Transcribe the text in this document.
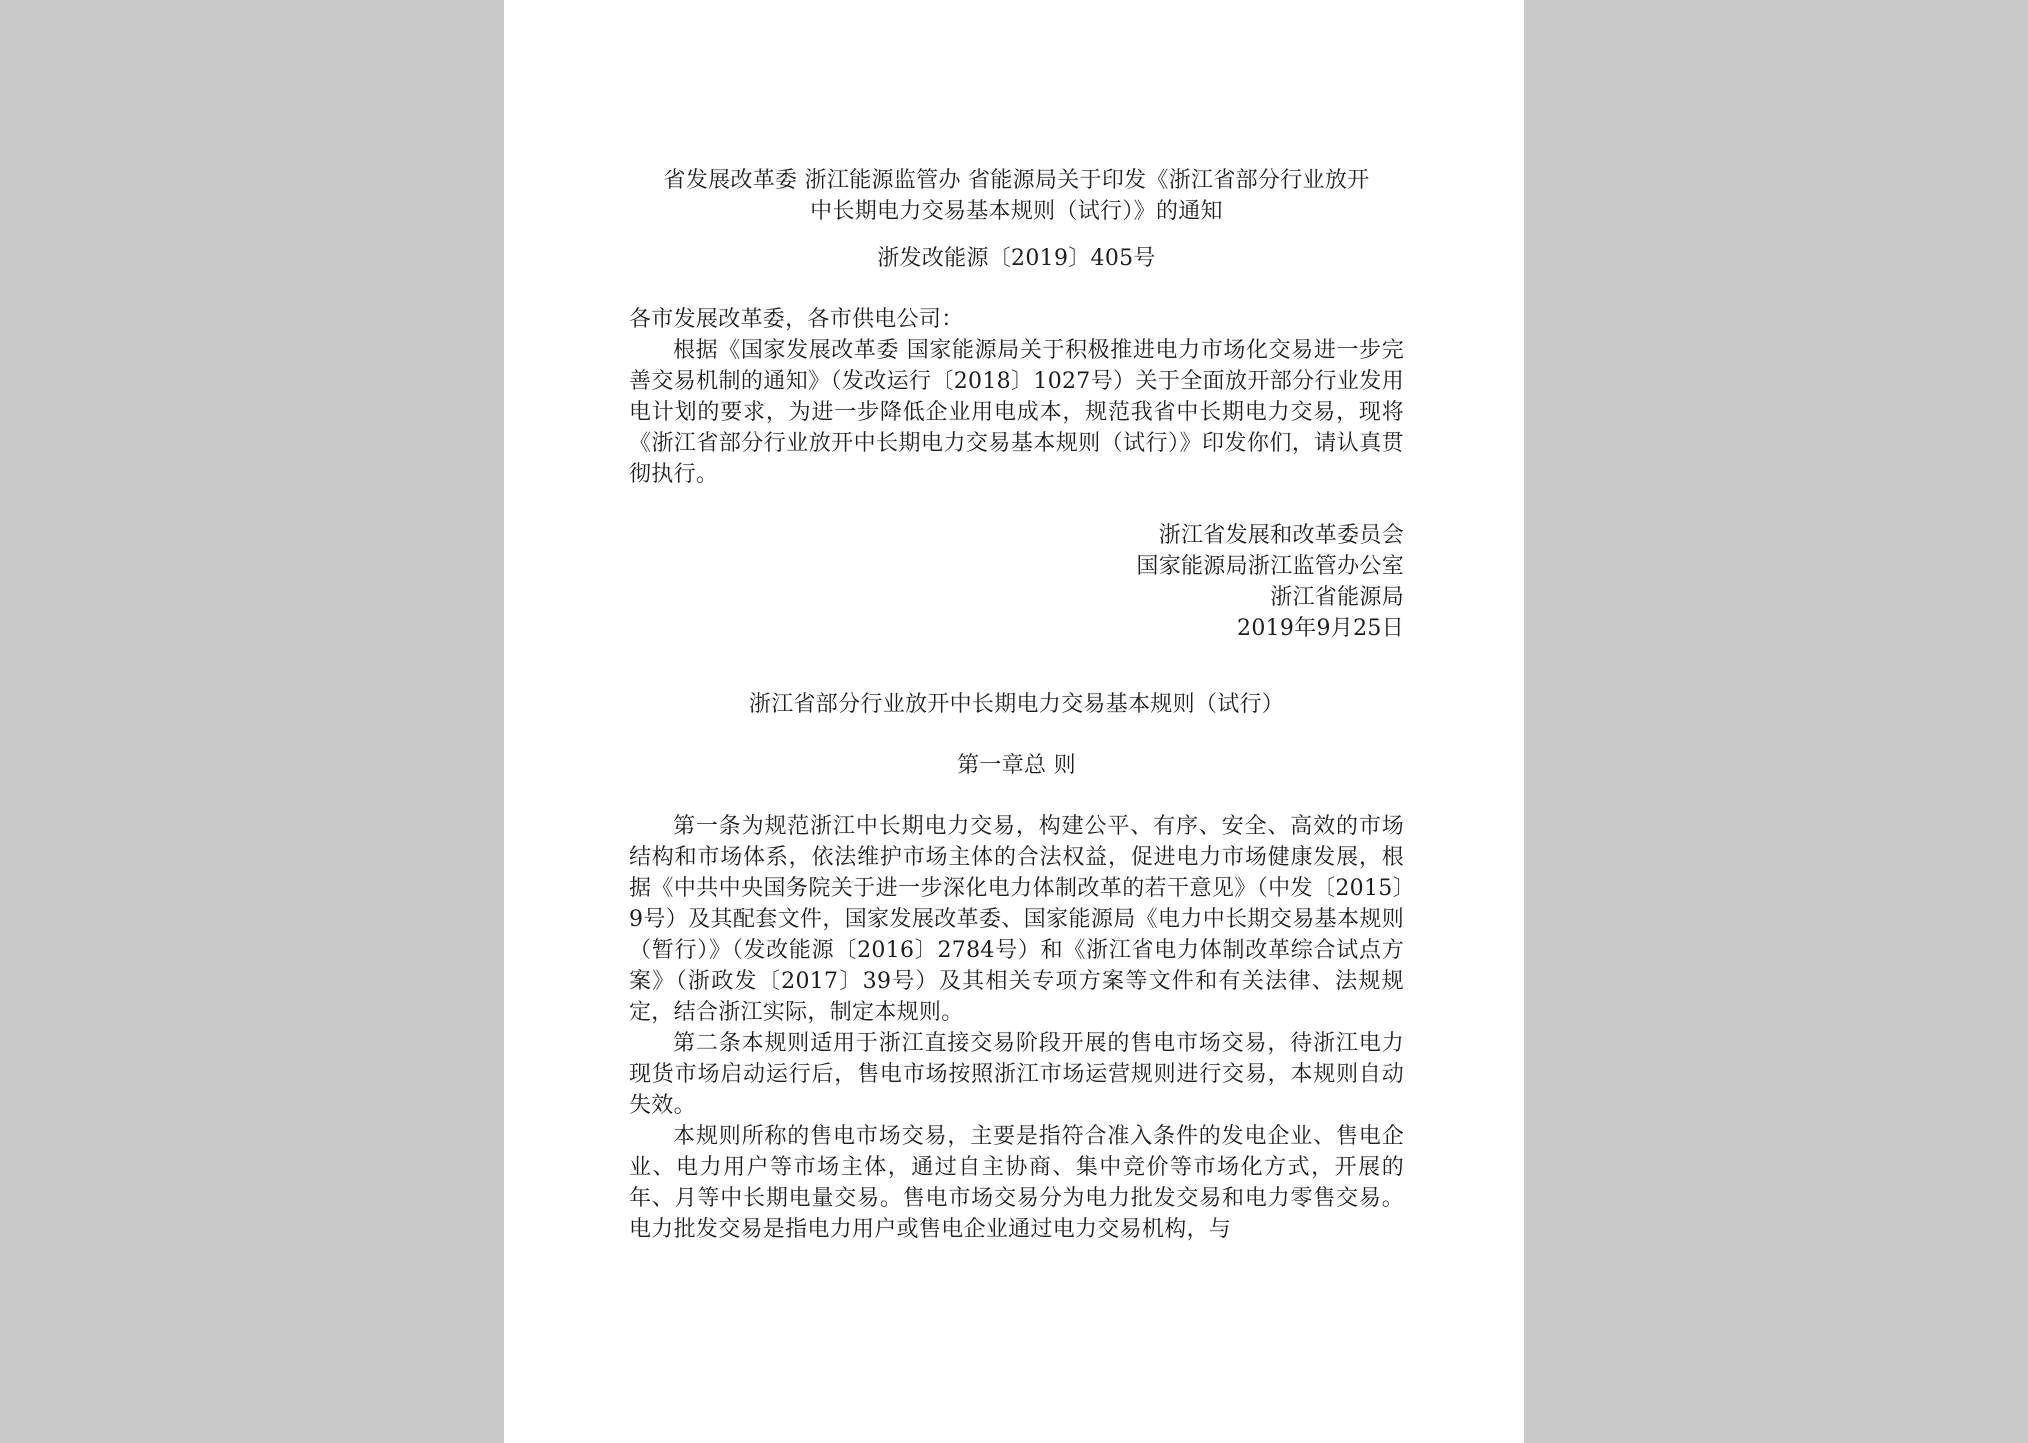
省发展改革委 浙江能源监管办 省能源局关于印发《浙江省部分行业放开
中长期电力交易基本规则（试行）》的通知
浙发改能源〔2019〕405号
各市发展改革委，各市供电公司：
根据《国家发展改革委 国家能源局关于积极推进电力市场化交易进一步完善交易机制的通知》（发改运行〔2018〕1027号）关于全面放开部分行业发用电计划的要求，为进一步降低企业用电成本，规范我省中长期电力交易，现将《浙江省部分行业放开中长期电力交易基本规则（试行）》印发你们，请认真贯彻执行。
浙江省发展和改革委员会
国家能源局浙江监管办公室
浙江省能源局
2019年9月25日
浙江省部分行业放开中长期电力交易基本规则（试行）
第一章总 则
第一条为规范浙江中长期电力交易，构建公平、有序、安全、高效的市场结构和市场体系，依法维护市场主体的合法权益，促进电力市场健康发展，根据《中共中央国务院关于进一步深化电力体制改革的若干意见》（中发〔2015〕9号）及其配套文件，国家发展改革委、国家能源局《电力中长期交易基本规则（暂行）》（发改能源〔2016〕2784号）和《浙江省电力体制改革综合试点方案》（浙政发〔2017〕39号）及其相关专项方案等文件和有关法律、法规规定，结合浙江实际，制定本规则。
第二条本规则适用于浙江直接交易阶段开展的售电市场交易，待浙江电力现货市场启动运行后，售电市场按照浙江市场运营规则进行交易，本规则自动失效。
本规则所称的售电市场交易，主要是指符合准入条件的发电企业、售电企业、电力用户等市场主体，通过自主协商、集中竞价等市场化方式，开展的年、月等中长期电量交易。售电市场交易分为电力批发交易和电力零售交易。电力批发交易是指电力用户或售电企业通过电力交易机构，与
